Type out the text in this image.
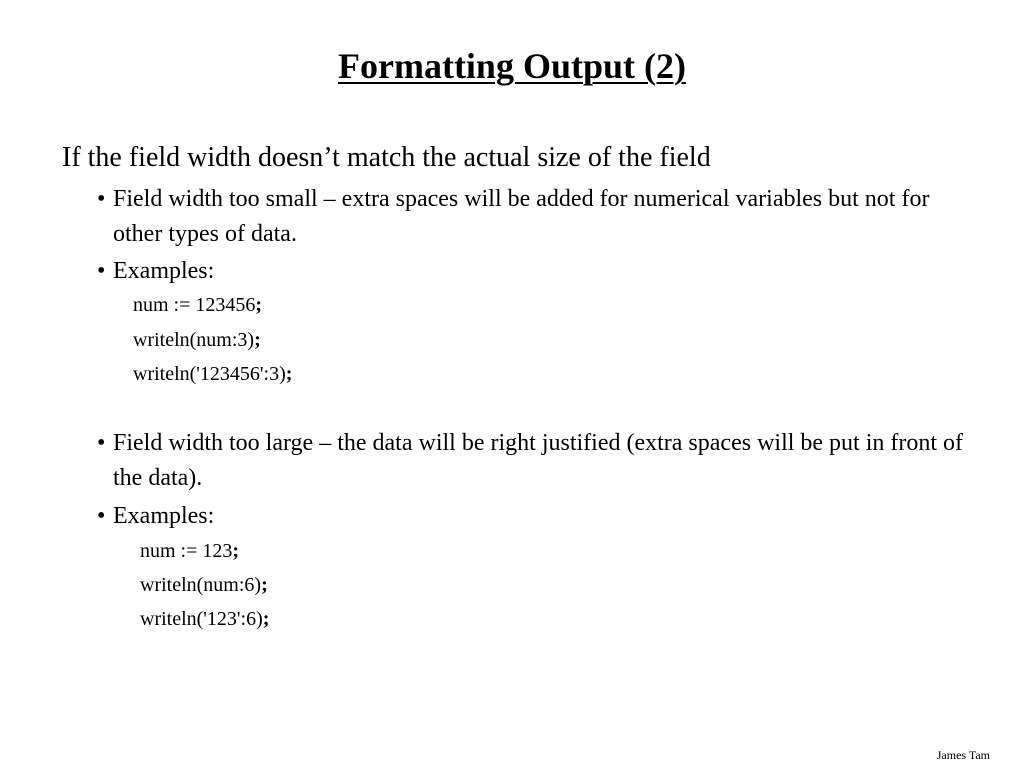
Formatting Output (2)
If the field width doesn’t match the actual size of the field
• Field width too small – extra spaces will be added for numerical variables but not for other types of data.
• Examples:
num := 123456;
writeln(num:3);
writeln('123456':3);
• Field width too large – the data will be right justified (extra spaces will be put in front of the data).
• Examples:
num := 123;
writeln(num:6);
writeln('123':6);
James Tam
